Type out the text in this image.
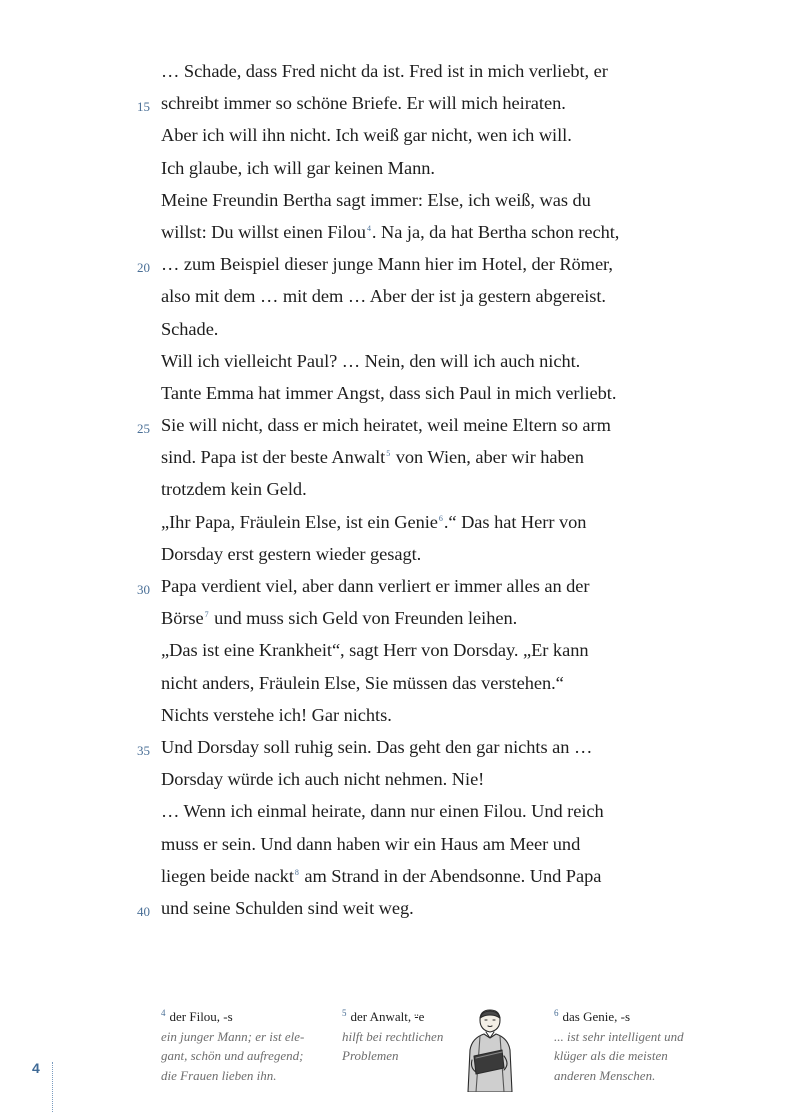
… Schade, dass Fred nicht da ist. Fred ist in mich verliebt, er
15 schreibt immer so schöne Briefe. Er will mich heiraten.
Aber ich will ihn nicht. Ich weiß gar nicht, wen ich will.
Ich glaube, ich will gar keinen Mann.
Meine Freundin Bertha sagt immer: Else, ich weiß, was du
willst: Du willst einen Filou$^4$. Na ja, da hat Bertha schon recht,
20 … zum Beispiel dieser junge Mann hier im Hotel, der Römer,
also mit dem … mit dem … Aber der ist ja gestern abgereist.
Schade.
Will ich vielleicht Paul? … Nein, den will ich auch nicht.
Tante Emma hat immer Angst, dass sich Paul in mich verliebt.
25 Sie will nicht, dass er mich heiratet, weil meine Eltern so arm
sind. Papa ist der beste Anwalt$^5$ von Wien, aber wir haben
trotzdem kein Geld.
„Ihr Papa, Fräulein Else, ist ein Genie$^6$.“ Das hat Herr von
Dorsday erst gestern wieder gesagt.
30 Papa verdient viel, aber dann verliert er immer alles an der
Börse$^7$ und muss sich Geld von Freunden leihen.
„Das ist eine Krankheit“, sagt Herr von Dorsday. „Er kann
nicht anders, Fräulein Else, Sie müssen das verstehen.“
Nichts verstehe ich! Gar nichts.
35 Und Dorsday soll ruhig sein. Das geht den gar nichts an …
Dorsday würde ich auch nicht nehmen. Nie!
… Wenn ich einmal heirate, dann nur einen Filou. Und reich
muss er sein. Und dann haben wir ein Haus am Meer und
liegen beide nackt$^8$ am Strand in der Abendsonne. Und Papa
40 und seine Schulden sind weit weg.
$^4$ der Filou, -s
ein junger Mann; er ist ele-
gant, schön und aufregend;
die Frauen lieben ihn.
$^5$ der Anwalt, ⸚e
hilft bei rechtlichen
Problemen
$^6$ das Genie, -s
... ist sehr intelligent und
klüger als die meisten
anderen Menschen.
4
